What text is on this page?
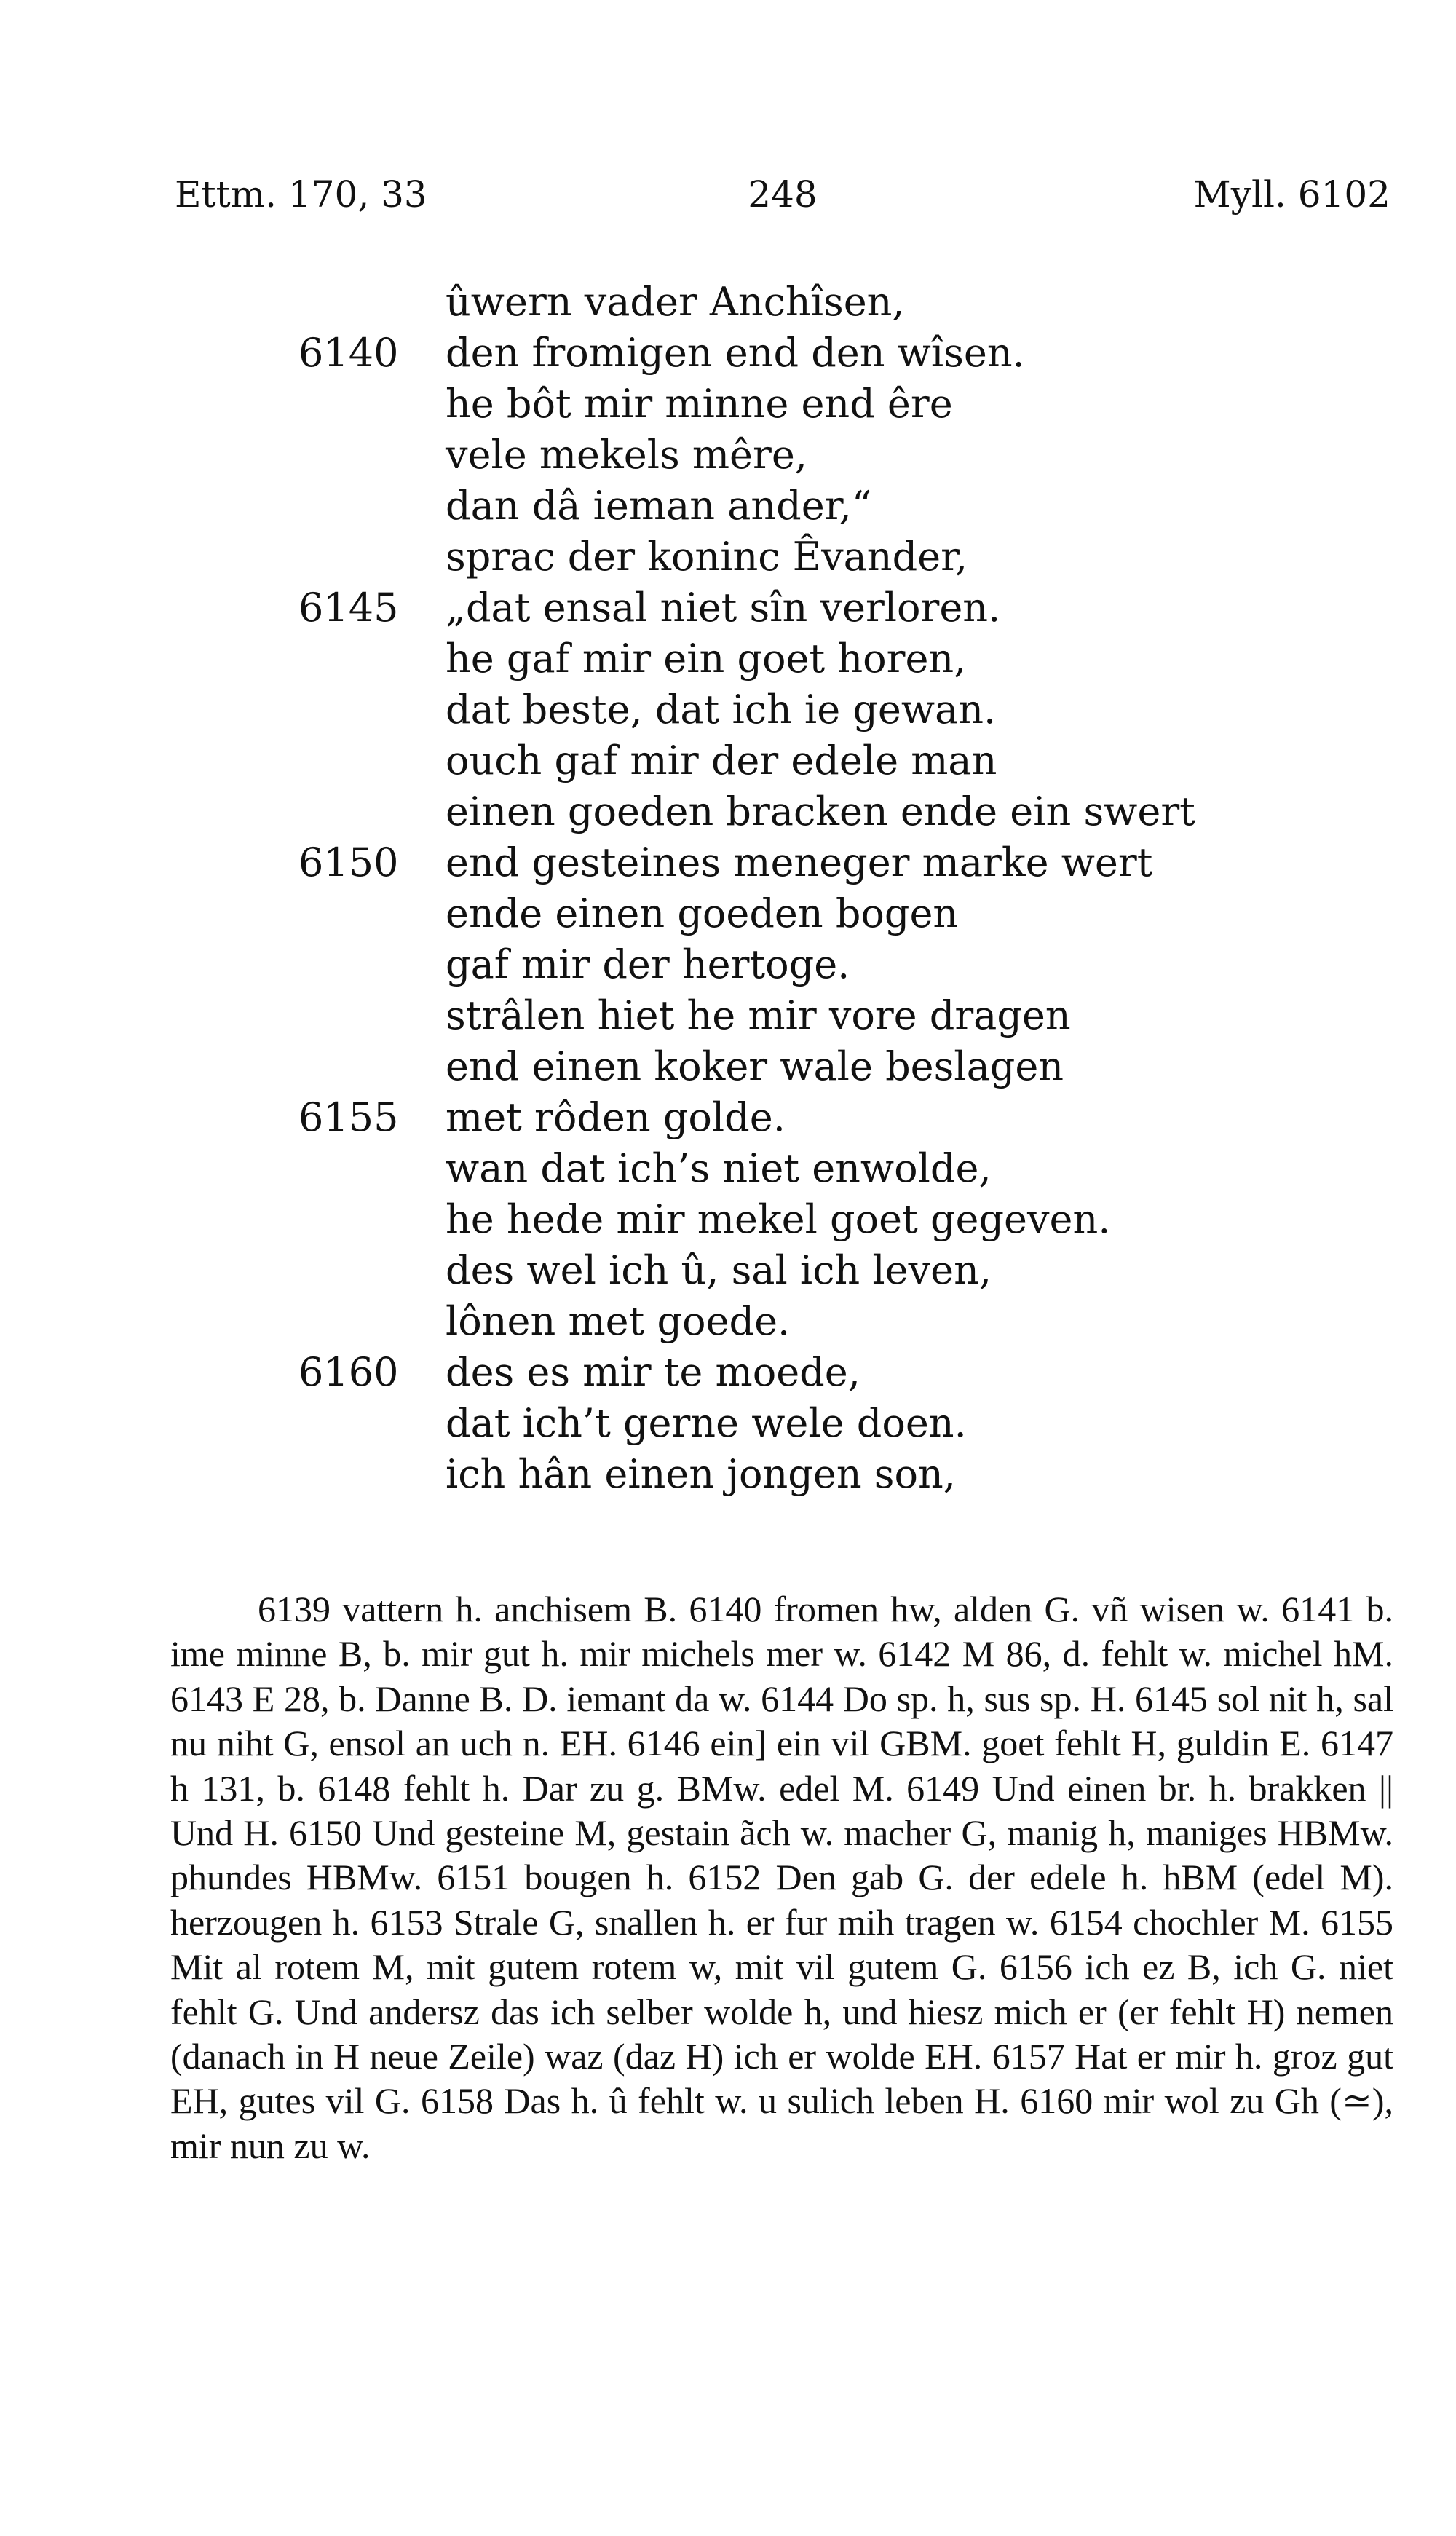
Ettm. 170, 33	248	Myll. 6102
ûwern vader Anchîsen,
6140 den fromigen end den wîsen.
he bôt mir minne end êre
vele mekels mêre,
dan dâ ieman ander,“
sprac der koninc Êvander,
6145 „dat ensal niet sîn verloren.
he gaf mir ein goet horen,
dat beste, dat ich ie gewan.
ouch gaf mir der edele man
einen goeden bracken ende ein swert
6150 end gesteines meneger marke wert
ende einen goeden bogen
gaf mir der hertoge.
strâlen hiet he mir vore dragen
end einen koker wale beslagen
6155 met rôden golde.
wan dat ich’s niet enwolde,
he hede mir mekel goet gegeven.
des wel ich û, sal ich leven,
lônen met goede.
6160 des es mir te moede,
dat ich’t gerne wele doen.
ich hân einen jongen son,

6139 vattern h. anchisem B. 6140 fromen hw, alden G. vñ wisen w. 6141 b. ime minne B, b. mir gut h. mir michels mer w. 6142 M 86, d. fehlt w. michel hM. 6143 E 28, b. Danne B. D. iemant da w. 6144 Do sp. h, sus sp. H. 6145 sol nit h, sal nu niht G, ensol an uch n. EH. 6146 ein] ein vil GBM. goet fehlt H, guldin E. 6147 h 131, b. 6148 fehlt h. Dar zu g. BMw. edel M. 6149 Und einen br. h. brakken || Und H. 6150 Und gesteine M, gestain ãch w. macher G, manig h, maniges HBMw. phundes HBMw. 6151 bougen h. 6152 Den gab G. der edele h. hBM (edel M). herzougen h. 6153 Strale G, snallen h. er fur mih tragen w. 6154 chochler M. 6155 Mit al rotem M, mit gutem rotem w, mit vil gutem G. 6156 ich ez B, ich G. niet fehlt G. Und andersz das ich selber wolde h, und hiesz mich er (er fehlt H) nemen (danach in H neue Zeile) waz (daz H) ich er wolde EH. 6157 Hat er mir h. groz gut EH, gutes vil G. 6158 Das h. û fehlt w. u sulich leben H. 6160 mir wol zu Gh (≃), mir nun zu w.
